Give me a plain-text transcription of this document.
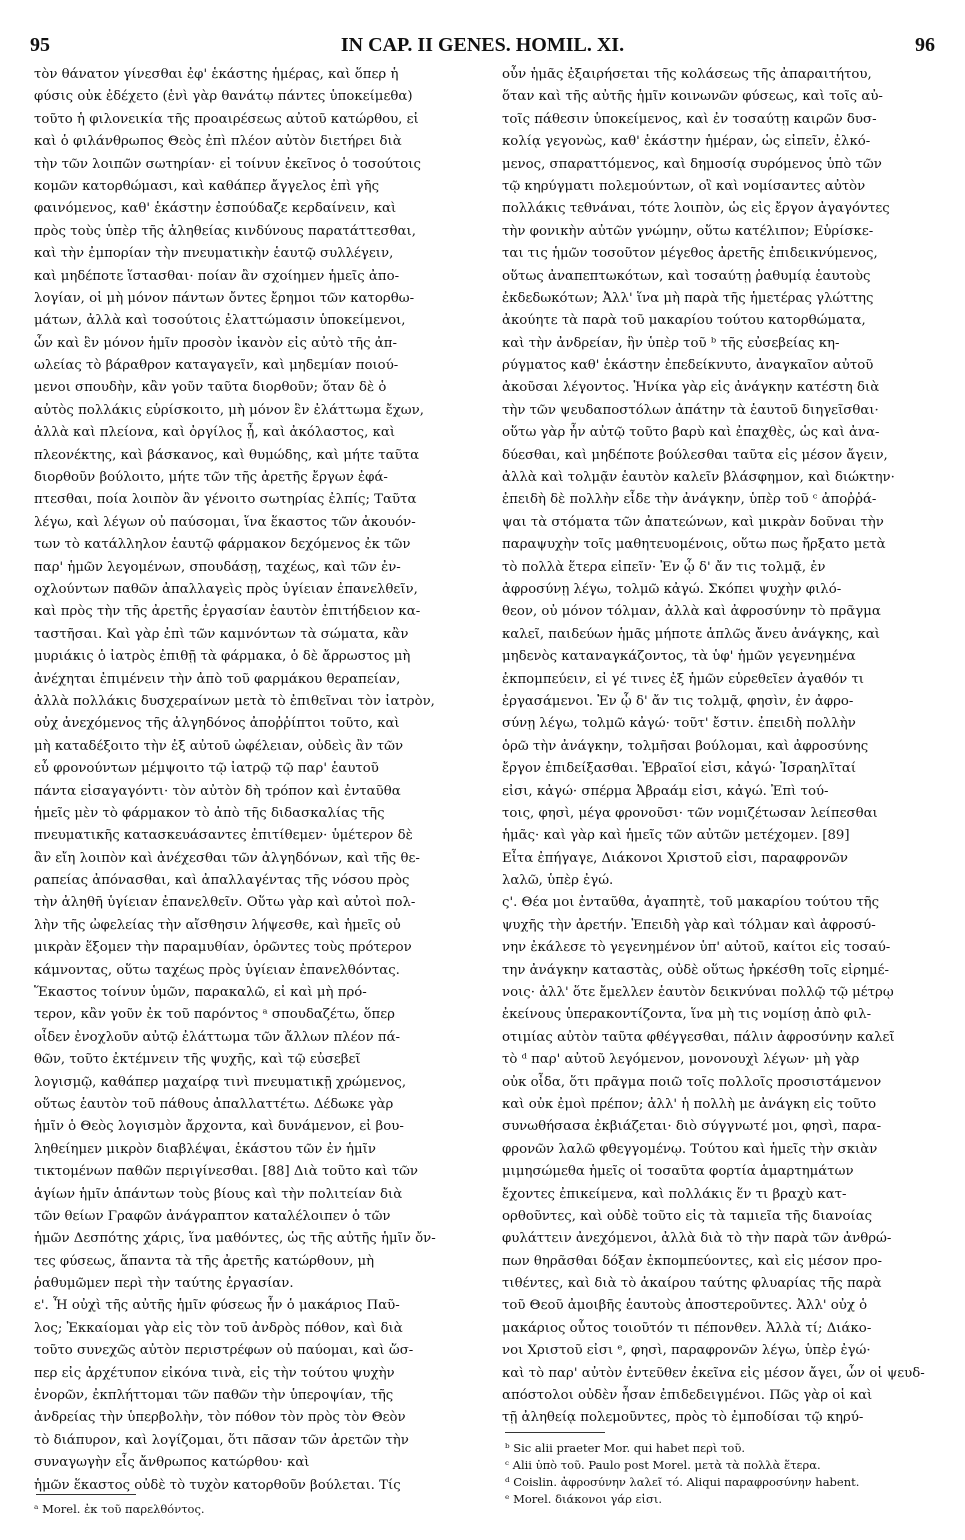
95	IN CAP. II GENES. HOMIL. XI.	96
τὸν θάνατον γίνεσθαι ἐφ' ἑκάστης ἡμέρας, καὶ ὅπερ ἡ
φύσις οὐκ ἐδέχετο (ἑνὶ γὰρ θανάτῳ πάντες ὑποκείμεθα)
τοῦτο ἡ φιλονεικία τῆς προαιρέσεως αὐτοῦ κατώρθου, εἰ
καὶ ὁ φιλάνθρωπος Θεὸς ἐπὶ πλέον αὐτὸν διετήρει διὰ
τὴν τῶν λοιπῶν σωτηρίαν· εἰ τοίνυν ἐκεῖνος ὁ τοσούτοις
κομῶν κατορθώμασι, καὶ καθάπερ ἄγγελος ἐπὶ γῆς
φαινόμενος, καθ' ἑκάστην ἐσπούδαζε κερδαίνειν, καὶ
πρὸς τοὺς ὑπὲρ τῆς ἀληθείας κινδύνους παρατάττεσθαι,
καὶ τὴν ἐμπορίαν τὴν πνευματικὴν ἑαυτῷ συλλέγειν,
καὶ μηδέποτε ἵστασθαι· ποίαν ἂν σχοίημεν ἡμεῖς ἀπο-
λογίαν, οἱ μὴ μόνον πάντων ὄντες ἔρημοι τῶν κατορθω-
μάτων, ἀλλὰ καὶ τοσούτοις ἐλαττώμασιν ὑποκείμενοι,
ὧν καὶ ἓν μόνον ἡμῖν προσὸν ἱκανὸν εἰς αὐτὸ τῆς ἀπ-
ωλείας τὸ βάραθρον καταγαγεῖν, καὶ μηδεμίαν ποιού-
μενοι σπουδὴν, κἂν γοῦν ταῦτα διορθοῦν; ὅταν δὲ ὁ
αὐτὸς πολλάκις εὑρίσκοιτο, μὴ μόνον ἓν ἐλάττωμα ἔχων,
ἀλλὰ καὶ πλείονα, καὶ ὀργίλος ᾖ, καὶ ἀκόλαστος, καὶ
πλεονέκτης, καὶ βάσκανος, καὶ θυμώδης, καὶ μήτε ταῦτα
διορθοῦν βούλοιτο, μήτε τῶν τῆς ἀρετῆς ἔργων ἐφά-
πτεσθαι, ποία λοιπὸν ἂν γένοιτο σωτηρίας ἐλπίς; Ταῦτα
λέγω, καὶ λέγων οὐ παύσομαι, ἵνα ἕκαστος τῶν ἀκουόν-
των τὸ κατάλληλον ἑαυτῷ φάρμακον δεχόμενος ἐκ τῶν
παρ' ἡμῶν λεγομένων, σπουδάσῃ, ταχέως, καὶ τῶν ἐν-
οχλούντων παθῶν ἀπαλλαγεὶς πρὸς ὑγίειαν ἐπανελθεῖν,
καὶ πρὸς τὴν τῆς ἀρετῆς ἐργασίαν ἑαυτὸν ἐπιτήδειον κα-
ταστῆσαι. Καὶ γὰρ ἐπὶ τῶν καμνόντων τὰ σώματα, κἂν
μυριάκις ὁ ἰατρὸς ἐπιθῇ τὰ φάρμακα, ὁ δὲ ἄρρωστος μὴ
ἀνέχηται ἐπιμένειν τὴν ἀπὸ τοῦ φαρμάκου θεραπείαν,
ἀλλὰ πολλάκις δυσχεραίνων μετὰ τὸ ἐπιθεῖναι τὸν ἰατρὸν,
οὐχ ἀνεχόμενος τῆς ἀλγηδόνος ἀποῤῥίπτοι τοῦτο, καὶ
μὴ καταδέξοιτο τὴν ἐξ αὐτοῦ ὠφέλειαν, οὐδεὶς ἂν τῶν
εὖ φρονούντων μέμψοιτο τῷ ἰατρῷ τῷ παρ' ἑαυτοῦ
πάντα εἰσαγαγόντι· τὸν αὐτὸν δὴ τρόπον καὶ ἐνταῦθα
ἡμεῖς μὲν τὸ φάρμακον τὸ ἀπὸ τῆς διδασκαλίας τῆς
πνευματικῆς κατασκευάσαντες ἐπιτίθεμεν· ὑμέτερον δὲ
ἂν εἴη λοιπὸν καὶ ἀνέχεσθαι τῶν ἀλγηδόνων, καὶ τῆς θε-
ραπείας ἀπόνασθαι, καὶ ἀπαλλαγέντας τῆς νόσου πρὸς
τὴν ἀληθῆ ὑγίειαν ἐπανελθεῖν. Οὕτω γὰρ καὶ αὐτοὶ πολ-
λὴν τῆς ὠφελείας τὴν αἴσθησιν λήψεσθε, καὶ ἡμεῖς οὐ
μικρὰν ἕξομεν τὴν παραμυθίαν, ὁρῶντες τοὺς πρότερον
κάμνοντας, οὕτω ταχέως πρὸς ὑγίειαν ἐπανελθόντας.
Ἕκαστος τοίνυν ὑμῶν, παρακαλῶ, εἰ καὶ μὴ πρό-
τερον, κἂν γοῦν ἐκ τοῦ παρόντος ᵃ σπουδαζέτω, ὅπερ
οἶδεν ἐνοχλοῦν αὐτῷ ἐλάττωμα τῶν ἄλλων πλέον πά-
θῶν, τοῦτο ἐκτέμνειν τῆς ψυχῆς, καὶ τῷ εὐσεβεῖ
λογισμῷ, καθάπερ μαχαίρᾳ τινὶ πνευματικῇ χρώμενος,
οὕτως ἑαυτὸν τοῦ πάθους ἀπαλλαττέτω. Δέδωκε γὰρ
ἡμῖν ὁ Θεὸς λογισμὸν ἄρχοντα, καὶ δυνάμενον, εἰ βου-
ληθείημεν μικρὸν διαβλέψαι, ἑκάστου τῶν ἐν ἡμῖν
τικτομένων παθῶν περιγίνεσθαι. [88] Διὰ τοῦτο καὶ τῶν
ἁγίων ἡμῖν ἁπάντων τοὺς βίους καὶ τὴν πολιτείαν διὰ
τῶν θείων Γραφῶν ἀνάγραπτον καταλέλοιπεν ὁ τῶν
ἡμῶν Δεσπότης χάρις, ἵνα μαθόντες, ὡς τῆς αὐτῆς ἡμῖν ὄν-
τες φύσεως, ἅπαντα τὰ τῆς ἀρετῆς κατώρθουν, μὴ
ῥαθυμῶμεν περὶ τὴν ταύτης ἐργασίαν.
ε'. Ἦ οὐχὶ τῆς αὐτῆς ἡμῖν φύσεως ἦν ὁ μακάριος Παῦ-
λος; Ἐκκαίομαι γὰρ εἰς τὸν τοῦ ἀνδρὸς πόθον, καὶ διὰ
τοῦτο συνεχῶς αὐτὸν περιστρέφων οὐ παύομαι, καὶ ὥσ-
περ εἰς ἀρχέτυπον εἰκόνα τινὰ, εἰς τὴν τούτου ψυχὴν
ἐνορῶν, ἐκπλήττομαι τῶν παθῶν τὴν ὑπεροψίαν, τῆς
ἀνδρείας τὴν ὑπερβολὴν, τὸν πόθον τὸν πρὸς τὸν Θεὸν
τὸ διάπυρον, καὶ λογίζομαι, ὅτι πᾶσαν τῶν ἀρετῶν τὴν
συναγωγὴν εἷς ἄνθρωπος κατώρθου· καὶ
ἡμῶν ἕκαστος οὐδὲ τὸ τυχὸν κατορθοῦν βούλεται. Τίς
οὖν ἡμᾶς ἐξαιρήσεται τῆς κολάσεως τῆς ἀπαραιτήτου,
ὅταν καὶ τῆς αὐτῆς ἡμῖν κοινωνῶν φύσεως, καὶ τοῖς αὐ-
τοῖς πάθεσιν ὑποκείμενος, καὶ ἐν τοσαύτῃ καιρῶν δυσ-
κολίᾳ γεγονὼς, καθ' ἑκάστην ἡμέραν, ὡς εἰπεῖν, ἐλκό-
μενος, σπαραττόμενος, καὶ δημοσίᾳ συρόμενος ὑπὸ τῶν
τῷ κηρύγματι πολεμούντων, οἳ καὶ νομίσαντες αὐτὸν
πολλάκις τεθνάναι, τότε λοιπὸν, ὡς εἰς ἔργον ἀγαγόντες
τὴν φονικὴν αὐτῶν γνώμην, οὕτω κατέλιπον; Εὑρίσκε-
ται τις ἡμῶν τοσοῦτον μέγεθος ἀρετῆς ἐπιδεικνύμενος,
οὕτως ἀναπεπτωκότων, καὶ τοσαύτῃ ῥαθυμίᾳ ἑαυτοὺς
ἐκδεδωκότων; Ἀλλ' ἵνα μὴ παρὰ τῆς ἡμετέρας γλώττης
ἀκούητε τὰ παρὰ τοῦ μακαρίου τούτου κατορθώματα,
καὶ τὴν ἀνδρείαν, ἣν ὑπὲρ τοῦ ᵇ τῆς εὐσεβείας κη-
ρύγματος καθ' ἑκάστην ἐπεδείκνυτο, ἀναγκαῖον αὐτοῦ
ἀκοῦσαι λέγοντος. Ἡνίκα γὰρ εἰς ἀνάγκην κατέστη διὰ
τὴν τῶν ψευδαποστόλων ἀπάτην τὰ ἑαυτοῦ διηγεῖσθαι·
οὕτω γὰρ ἦν αὐτῷ τοῦτο βαρὺ καὶ ἐπαχθὲς, ὡς καὶ ἀνα-
δύεσθαι, καὶ μηδέποτε βούλεσθαι ταῦτα εἰς μέσον ἄγειν,
ἀλλὰ καὶ τολμᾷν ἑαυτὸν καλεῖν βλάσφημον, καὶ διώκτην·
ἐπειδὴ δὲ πολλὴν εἶδε τὴν ἀνάγκην, ὑπὲρ τοῦ ᶜ ἀποῤῥά-
ψαι τὰ στόματα τῶν ἀπατεώνων, καὶ μικρὰν δοῦναι τὴν
παραψυχὴν τοῖς μαθητευομένοις, οὕτω πως ἤρξατο μετὰ
τὸ πολλὰ ἕτερα εἰπεῖν· Ἐν ᾧ δ' ἄν τις τολμᾷ, ἐν
ἀφροσύνῃ λέγω, τολμῶ κἀγώ. Σκόπει ψυχὴν φιλό-
θεον, οὐ μόνον τόλμαν, ἀλλὰ καὶ ἀφροσύνην τὸ πρᾶγμα
καλεῖ, παιδεύων ἡμᾶς μήποτε ἁπλῶς ἄνευ ἀνάγκης, καὶ
μηδενὸς καταναγκάζοντος, τὰ ὑφ' ἡμῶν γεγενημένα
ἐκπομπεύειν, εἰ γέ τινες ἐξ ἡμῶν εὑρεθεῖεν ἀγαθόν τι
ἐργασάμενοι. Ἐν ᾧ δ' ἄν τις τολμᾷ, φησὶν, ἐν ἀφρο-
σύνῃ λέγω, τολμῶ κἀγώ· τοῦτ' ἔστιν. ἐπειδὴ πολλὴν
ὁρῶ τὴν ἀνάγκην, τολμῆσαι βούλομαι, καὶ ἀφροσύνης
ἔργον ἐπιδείξασθαι. Ἑβραῖοί εἰσι, κἀγώ· Ἰσραηλῖταί
εἰσι, κἀγώ· σπέρμα Ἀβραάμ εἰσι, κἀγώ. Ἐπὶ τού-
τοις, φησὶ, μέγα φρονοῦσι· τῶν νομιζέτωσαν λείπεσθαι
ἡμᾶς· καὶ γὰρ καὶ ἡμεῖς τῶν αὐτῶν μετέχομεν. [89]
Εἶτα ἐπήγαγε, Διάκονοι Χριστοῦ εἰσι, παραφρονῶν
λαλῶ, ὑπὲρ ἐγώ.
ς'. Θέα μοι ἐνταῦθα, ἀγαπητὲ, τοῦ μακαρίου τούτου τῆς
ψυχῆς τὴν ἀρετήν. Ἐπειδὴ γὰρ καὶ τόλμαν καὶ ἀφροσύ-
νην ἐκάλεσε τὸ γεγενημένον ὑπ' αὐτοῦ, καίτοι εἰς τοσαύ-
την ἀνάγκην καταστὰς, οὐδὲ οὕτως ἠρκέσθη τοῖς εἰρημέ-
νοις· ἀλλ' ὅτε ἔμελλεν ἑαυτὸν δεικνύναι πολλῷ τῷ μέτρῳ
ἐκείνους ὑπερακοντίζοντα, ἵνα μὴ τις νομίσῃ ἀπὸ φιλ-
οτιμίας αὐτὸν ταῦτα φθέγγεσθαι, πάλιν ἀφροσύνην καλεῖ
τὸ ᵈ παρ' αὐτοῦ λεγόμενον, μονονουχὶ λέγων· μὴ γὰρ
οὐκ οἶδα, ὅτι πρᾶγμα ποιῶ τοῖς πολλοῖς προσιστάμενον
καὶ οὐκ ἐμοὶ πρέπον; ἀλλ' ἡ πολλὴ με ἀνάγκη εἰς τοῦτο
συνωθήσασα ἐκβιάζεται· διὸ σύγγνωτέ μοι, φησὶ, παρα-
φρονῶν λαλῶ φθεγγομένῳ. Τούτου καὶ ἡμεῖς τὴν σκιὰν
μιμησώμεθα ἡμεῖς οἱ τοσαῦτα φορτία ἁμαρτημάτων
ἔχοντες ἐπικείμενα, καὶ πολλάκις ἕν τι βραχὺ κατ-
ορθοῦντες, καὶ οὐδὲ τοῦτο εἰς τὰ ταμιεῖα τῆς διανοίας
φυλάττειν ἀνεχόμενοι, ἀλλὰ διὰ τὸ τὴν παρὰ τῶν ἀνθρώ-
πων θηρᾶσθαι δόξαν ἐκπομπεύοντες, καὶ εἰς μέσον προ-
τιθέντες, καὶ διὰ τὸ ἀκαίρου ταύτης φλυαρίας τῆς παρὰ
τοῦ Θεοῦ ἀμοιβῆς ἑαυτοὺς ἀποστεροῦντες. Ἀλλ' οὐχ ὁ
μακάριος οὗτος τοιοῦτόν τι πέπονθεν. Ἀλλὰ τί; Διάκο-
νοι Χριστοῦ εἰσι ᵉ, φησὶ, παραφρονῶν λέγω, ὑπὲρ ἐγώ·
καὶ τὸ παρ' αὐτὸν ἐντεῦθεν ἐκεῖνα εἰς μέσον ἄγει, ὧν οἱ ψευδ-
απόστολοι οὐδὲν ἦσαν ἐπιδεδειγμένοι. Πῶς γὰρ οἱ καὶ
τῇ ἀληθείᾳ πολεμοῦντες, πρὸς τὸ ἐμποδίσαι τῷ κηρύ-
ᵇ Sic alii praeter Mor. qui habet περὶ τοῦ.
ᶜ Alii ὑπὸ τοῦ. Paulo post Morel. μετὰ τὰ πολλὰ ἕτερα.
ᵈ Coislin. ἀφροσύνην λαλεῖ τό. Aliqui παραφροσύνην habent.
ᵉ Morel. διάκονοι γάρ εἰσι.
ᵃ Morel. ἐκ τοῦ παρελθόντος.
